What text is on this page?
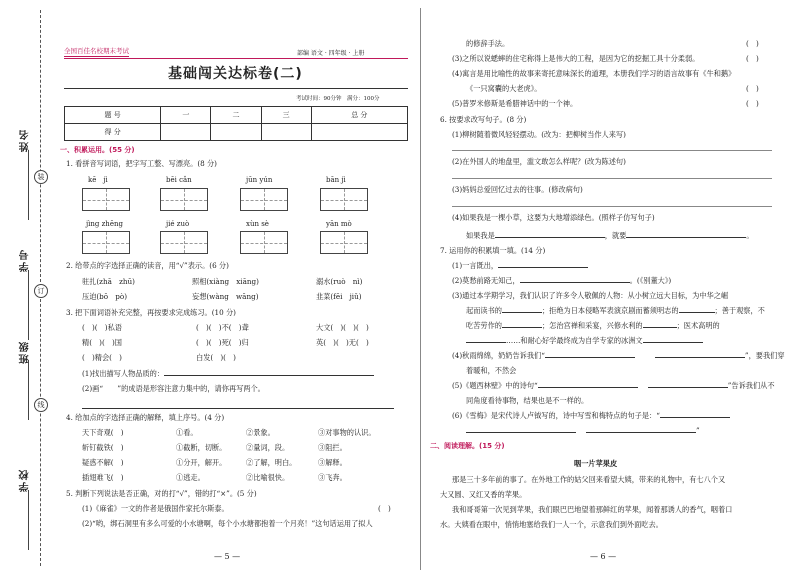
姓名
装
学号
订
班级
线
学校
全国百佳名校期末考试	部编 语文 · 四年级 · 上册
基础闯关达标卷(二)
考试时间：90分钟　满分：100分
题 号	一	二	三	总 分
得 分				
一、积累运用。(55 分)
1. 看拼音写词语，把字写工整、写漂亮。(8 分)
kē　jì	bēi cǎn	jūn yún	bān jì
jìng zhēng	jié zuò	xùn sè	yān mò
2. 给带点的字选择正确的读音，用“√”表示。(6 分)
驻扎(zhā　zhū)	照相(xiàng　xiāng)	溺水(ruò　nì)
压迫(bō　pò)	妄想(wàng　wāng)	韭菜(fēi　jiǔ)
3. 把下面词语补充完整，再按要求完成练习。(10 分)
(　)(　)私语	(　)(　)不(　)聋	大文(　)(　)(　)
精(　)(　)国	(　)(　)死(　)归	英(　)(　)无(　)
(　)精会(　)	白发(　)(　)
(1)找出描写人物品质的：
(2)画“　　”的成语是形容注意力集中的，请你再写两个。
4. 给加点的字选择正确的解释，填上序号。(4 分)
天下奇观(　)	①看。	②景象。	③对事物的认识。
斩钉截铁(　)	①截断，切断。	②量词，段。	③阻拦。
疑惑不解(　)	①分开，解开。	②了解，明白。	③解释。
插翅难飞(　)	①逃走。	②比喻很快。	③飞奔。
5. 判断下列说法是否正确，对的打“√”，错的打“×”。(5 分)
(1)《麻雀》一文的作者是俄国作家托尔斯泰。	(　)
(2)“哟，绑石洞里有多么可爱的小水塘啊，每个小水塘都抱着一个月亮！”这句话运用了拟人
— 5 —
的修辞手法。	(　)
(3)之所以说蟋蟀的住宅称得上是伟大的工程，是因为它的挖掘工具十分柔弱。	(　)
(4)寓言是用比喻性的故事来寄托意味深长的道理，本册我们学习的语言故事有《牛和鹅》
《一只窝囊的大老虎》。	(　)
(5)普罗米修斯是希腊神话中的一个神。	(　)
6. 按要求改写句子。(8 分)
(1)柳树随着微风轻轻摆动。(改为：把柳树当作人来写)
(2)在外国人的地盘里，滥文敢怎么样呢？(改为陈述句)
(3)妈妈总爱回忆过去的往事。(修改病句)
(4)如果我是一棵小草，这要为大地增添绿色。(照样子仿写句子)
如果我是	，就要	。
7. 运用你的积累填一填。(14 分)
(1)一言既出，
(2)莫愁前路无知己，	。(《别董大》)
(3)通过本学期学习，我们认识了许多令人敬佩的人物：从小树立远大目标，为中华之崛
起而读书的	；拒绝为日本侵略军表演京剧而蓄须明志的	；善于观察，不
吃苦劳作的	；怎治宫禅和采宴，兴修水利的	；医术高明的
……和耐心好学最终成为自学专家的冰洲文
(4)秋雨绵绵，奶奶告诉我们“	”，要我们穿
着暖和，不然会
(5)《题西林壁》中的诗句“	”告诉我们从不
同角度看待事物，结果也是不一样的。
(6)《雪梅》是宋代诗人卢钺写的，诗中写雪和梅特点的句子是：“
”
二、阅读理解。(15 分)
咽一片苹果皮
那是三十多年前的事了。在外地工作的姑父回来看望大姨，带来的礼物中，有七八个又
大又圆、又红又香的苹果。
我和哥哥第一次见到苹果，我们眼巴巴地望着那鲜红的苹果，闻着那诱人的香气，咽着口
水。大姨看在眼中，悄悄地塞给我们一人一个，示意我们到外面吃去。
— 6 —
